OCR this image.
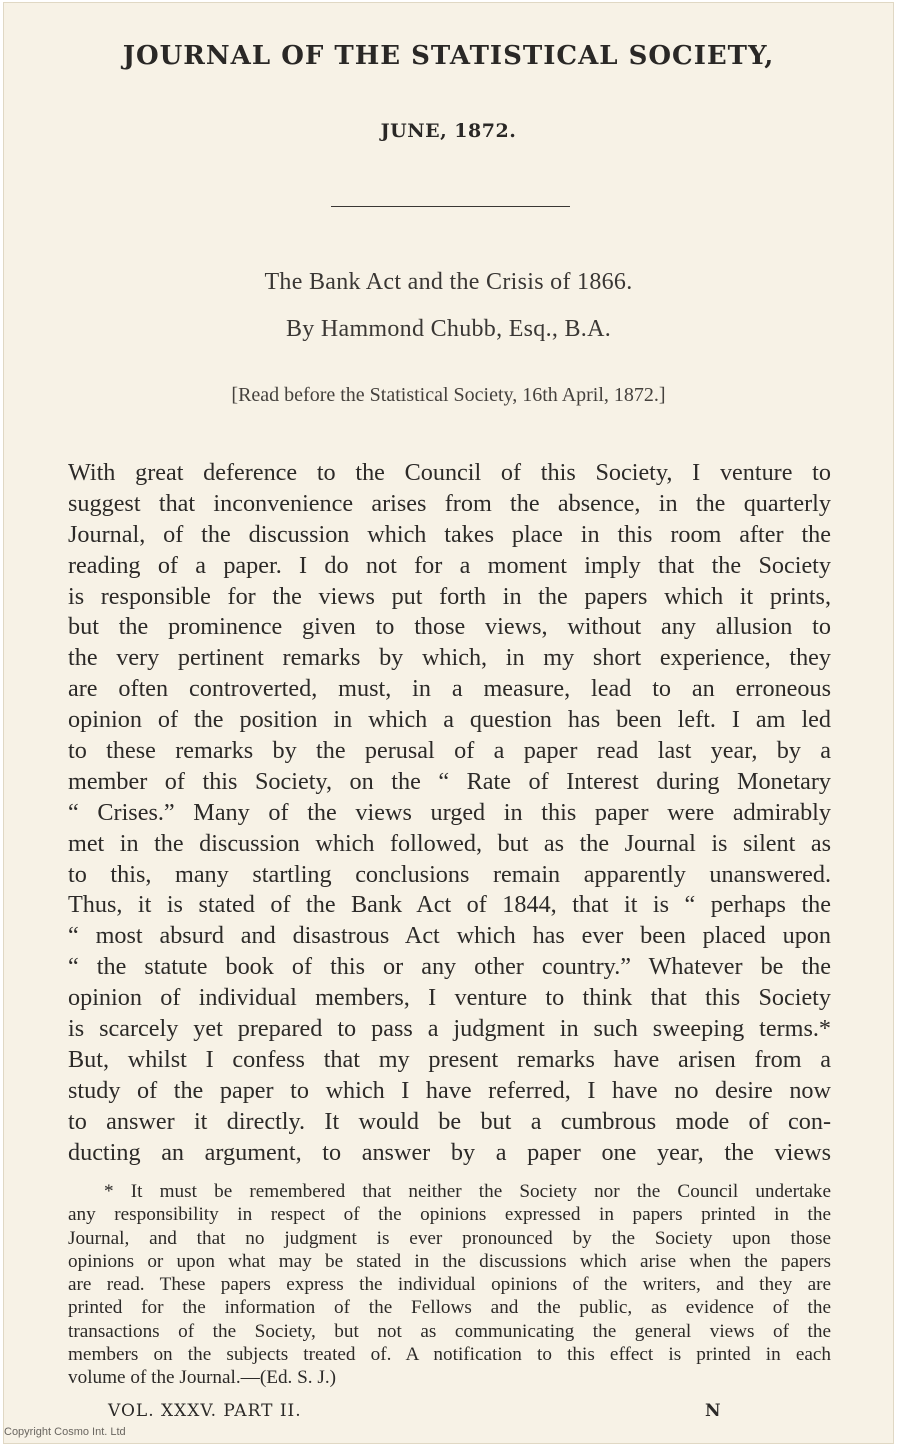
JOURNAL OF THE STATISTICAL SOCIETY,
JUNE, 1872.
The Bank Act and the Crisis of 1866.
By Hammond Chubb, Esq., B.A.
[Read before the Statistical Society, 16th April, 1872.]
With great deference to the Council of this Society, I venture to
suggest that inconvenience arises from the absence, in the quarterly
Journal, of the discussion which takes place in this room after the
reading of a paper. I do not for a moment imply that the Society
is responsible for the views put forth in the papers which it prints,
but the prominence given to those views, without any allusion to
the very pertinent remarks by which, in my short experience, they
are often controverted, must, in a measure, lead to an erroneous
opinion of the position in which a question has been left. I am led
to these remarks by the perusal of a paper read last year, by a
member of this Society, on the “ Rate of Interest during Monetary
“ Crises.” Many of the views urged in this paper were admirably
met in the discussion which followed, but as the Journal is silent as
to this, many startling conclusions remain apparently unanswered.
Thus, it is stated of the Bank Act of 1844, that it is “ perhaps the
“ most absurd and disastrous Act which has ever been placed upon
“ the statute book of this or any other country.” Whatever be the
opinion of individual members, I venture to think that this Society
is scarcely yet prepared to pass a judgment in such sweeping terms.*
But, whilst I confess that my present remarks have arisen from a
study of the paper to which I have referred, I have no desire now
to answer it directly. It would be but a cumbrous mode of con-
ducting an argument, to answer by a paper one year, the views
* It must be remembered that neither the Society nor the Council undertake
any responsibility in respect of the opinions expressed in papers printed in the
Journal, and that no judgment is ever pronounced by the Society upon those
opinions or upon what may be stated in the discussions which arise when the papers
are read. These papers express the individual opinions of the writers, and they are
printed for the information of the Fellows and the public, as evidence of the
transactions of the Society, but not as communicating the general views of the
members on the subjects treated of. A notification to this effect is printed in each
volume of the Journal.—(Ed. S. J.)
VOL. XXXV. PART II.	N
Copyright Cosmo Int. Ltd
